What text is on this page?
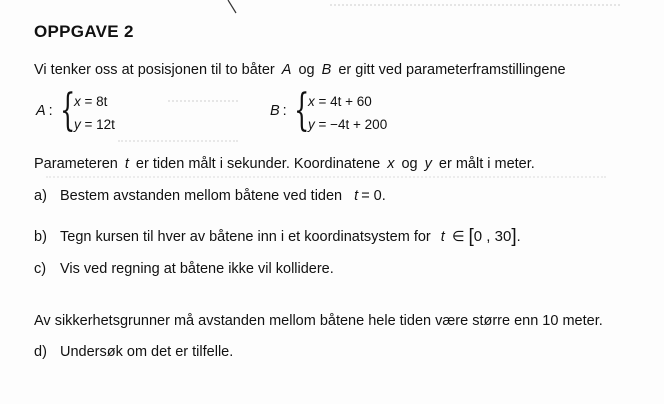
OPPGAVE 2

Vi tenker oss at posisjonen til to båter A og B er gitt ved parameterframstillingene

A : {
x = 8t
y = 12t
B : {
x = 4t + 60
y = −4t + 200

Parameteren t er tiden målt i sekunder. Koordinatene x og y er målt i meter.

a) Bestem avstanden mellom båtene ved tiden t = 0.

b) Tegn kursen til hver av båtene inn i et koordinatsystem for t ∈ [0 , 30].

c) Vis ved regning at båtene ikke vil kollidere.

Av sikkerhetsgrunner må avstanden mellom båtene hele tiden være større enn 10 meter.

d) Undersøk om det er tilfelle.
